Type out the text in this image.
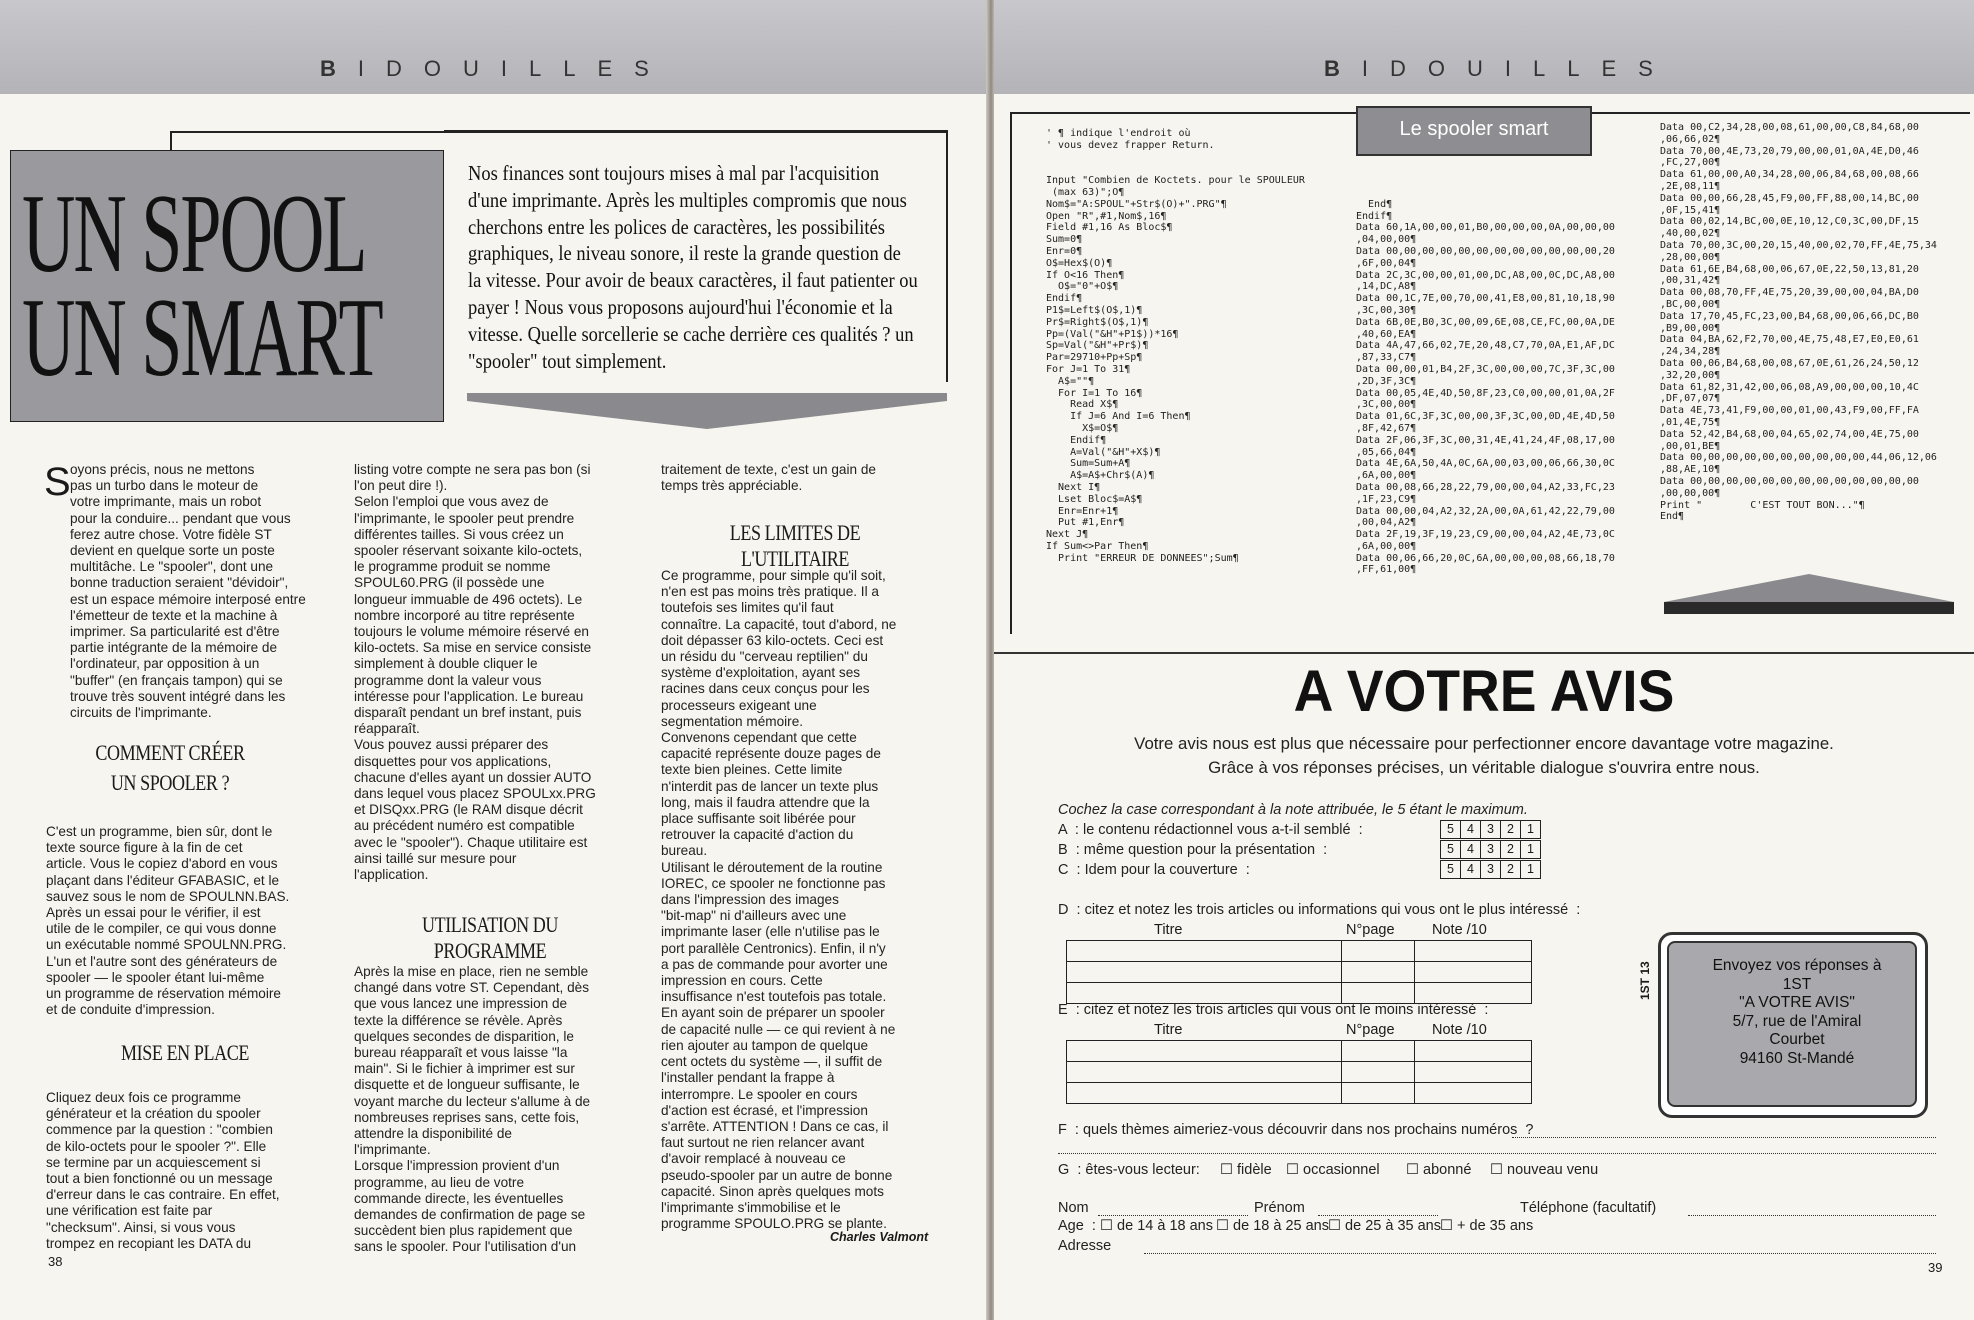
BIDOUILLES
UN SPOOL
UN SMART
Nos finances sont toujours mises à mal par l'acquisition
d'une imprimante. Après les multiples compromis que nous
cherchons entre les polices de caractères, les possibilités
graphiques, le niveau sonore, il reste la grande question de
la vitesse. Pour avoir de beaux caractères, il faut patienter ou
payer ! Nous vous proposons aujourd'hui l'économie et la
vitesse. Quelle sorcellerie se cache derrière ces qualités ? un
"spooler" tout simplement.
S oyons précis, nous ne mettons
pas un turbo dans le moteur de
votre imprimante, mais un robot
pour la conduire... pendant que vous
ferez autre chose. Votre fidèle ST
devient en quelque sorte un poste
multitâche. Le "spooler", dont une
bonne traduction seraient "dévidoir",
est un espace mémoire interposé entre
l'émetteur de texte et la machine à
imprimer. Sa particularité est d'être
partie intégrante de la mémoire de
l'ordinateur, par opposition à un
"buffer" (en français tampon) qui se
trouve très souvent intégré dans les
circuits de l'imprimante.
COMMENT CRÉER
UN SPOOLER ?
C'est un programme, bien sûr, dont le
texte source figure à la fin de cet
article. Vous le copiez d'abord en vous
plaçant dans l'éditeur GFABASIC, et le
sauvez sous le nom de SPOULNN.BAS.
Après un essai pour le vérifier, il est
utile de le compiler, ce qui vous donne
un exécutable nommé SPOULNN.PRG.
L'un et l'autre sont des générateurs de
spooler — le spooler étant lui-même
un programme de réservation mémoire
et de conduite d'impression.
MISE EN PLACE
Cliquez deux fois ce programme
générateur et la création du spooler
commence par la question : "combien
de kilo-octets pour le spooler ?". Elle
se termine par un acquiescement si
tout a bien fonctionné ou un message
d'erreur dans le cas contraire. En effet,
une vérification est faite par
"checksum". Ainsi, si vous vous
trompez en recopiant les DATA du
listing votre compte ne sera pas bon (si
l'on peut dire !).
Selon l'emploi que vous avez de
l'imprimante, le spooler peut prendre
différentes tailles. Si vous créez un
spooler réservant soixante kilo-octets,
le programme produit se nomme
SPOUL60.PRG (il possède une
longueur immuable de 496 octets). Le
nombre incorporé au titre représente
toujours le volume mémoire réservé en
kilo-octets. Sa mise en service consiste
simplement à double cliquer le
programme dont la valeur vous
intéresse pour l'application. Le bureau
disparaît pendant un bref instant, puis
réapparaît.
Vous pouvez aussi préparer des
disquettes pour vos applications,
chacune d'elles ayant un dossier AUTO
dans lequel vous placez SPOULxx.PRG
et DISQxx.PRG (le RAM disque décrit
au précédent numéro est compatible
avec le "spooler"). Chaque utilitaire est
ainsi taillé sur mesure pour
l'application.
UTILISATION DU PROGRAMME
Après la mise en place, rien ne semble
changé dans votre ST. Cependant, dès
que vous lancez une impression de
texte la différence se révèle. Après
quelques secondes de disparition, le
bureau réapparaît et vous laisse "la
main". Si le fichier à imprimer est sur
disquette et de longueur suffisante, le
voyant marche du lecteur s'allume à de
nombreuses reprises sans, cette fois,
attendre la disponibilité de
l'imprimante.
Lorsque l'impression provient d'un
programme, au lieu de votre
commande directe, les éventuelles
demandes de confirmation de page se
succèdent bien plus rapidement que
sans le spooler. Pour l'utilisation d'un
traitement de texte, c'est un gain de
temps très appréciable.
LES LIMITES DE L'UTILITAIRE
Ce programme, pour simple qu'il soit,
n'en est pas moins très pratique. Il a
toutefois ses limites qu'il faut
connaître. La capacité, tout d'abord, ne
doit dépasser 63 kilo-octets. Ceci est
un résidu du "cerveau reptilien" du
système d'exploitation, ayant ses
racines dans ceux conçus pour les
processeurs exigeant une
segmentation mémoire.
Convenons cependant que cette
capacité représente douze pages de
texte bien pleines. Cette limite
n'interdit pas de lancer un texte plus
long, mais il faudra attendre que la
place suffisante soit libérée pour
retrouver la capacité d'action du
bureau.
Utilisant le déroutement de la routine
IOREC, ce spooler ne fonctionne pas
dans l'impression des images
"bit-map" ni d'ailleurs avec une
imprimante laser (elle n'utilise pas le
port parallèle Centronics). Enfin, il n'y
a pas de commande pour avorter une
impression en cours. Cette
insuffisance n'est toutefois pas totale.
En ayant soin de préparer un spooler
de capacité nulle — ce qui revient à ne
rien ajouter au tampon de quelque
cent octets du système —, il suffit de
l'installer pendant la frappe à
interrompre. Le spooler en cours
d'action est écrasé, et l'impression
s'arrête. ATTENTION ! Dans ce cas, il
faut surtout ne rien relancer avant
d'avoir remplacé à nouveau ce
pseudo-spooler par un autre de bonne
capacité. Sinon après quelques mots
l'imprimante s'immobilise et le
programme SPOULO.PRG se plante.
Charles Valmont
38
BIDOUILLES
Le spooler smart
' ¶ indique l'endroit où
' vous devez frapper Return.

Input "Combien de Koctets. pour le SPOULEUR
(max 63)";O¶
Nom$="A:SPOUL"+Str$(O)+".PRG"¶
Open "R",#1,Nom$,16¶
Field #1,16 As Bloc$¶
Sum=0¶
Enr=0¶
O$=Hex$(O)¶
If O<16 Then¶
O$="0"+O$¶
Endif¶
P1$=Left$(O$,1)¶
Pr$=Right$(O$,1)¶
Pp=(Val("&H"+P1$))*16¶
Sp=Val("&H"+Pr$)¶
Par=29710+Pp+Sp¶
For J=1 To 31¶
A$=""¶
For I=1 To 16¶
Read X$¶
If J=6 And I=6 Then¶
X$=O$¶
Endif¶
A=Val("&H"+X$)¶
Sum=Sum+A¶
A$=A$+Chr$(A)¶
Next I¶
Lset Bloc$=A$¶
Enr=Enr+1¶
Put #1,Enr¶
Next J¶
If Sum<>Par Then¶
Print "ERREUR DE DONNEES";Sum¶

End¶
Endif¶
Data 60,1A,00,00,01,B0,00,00,00,0A,00,00,00
,04,00,00¶
Data 00,00,00,00,00,00,00,00,00,00,00,00,20
,6F,00,04¶
Data 2C,3C,00,00,01,00,DC,A8,00,0C,DC,A8,00
,14,DC,A8¶
Data 00,1C,7E,00,70,00,41,E8,00,81,10,18,90
,3C,00,30¶
Data 6B,0E,B0,3C,00,09,6E,08,CE,FC,00,0A,DE
,40,60,EA¶
Data 4A,47,66,02,7E,20,48,C7,70,0A,E1,AF,DC
,87,33,C7¶
Data 00,00,01,B4,2F,3C,00,00,00,7C,3F,3C,00
,2D,3F,3C¶
Data 00,05,4E,4D,50,8F,23,C0,00,00,01,0A,2F
,3C,00,00¶
Data 01,6C,3F,3C,00,00,3F,3C,00,0D,4E,4D,50
,8F,42,67¶
Data 2F,06,3F,3C,00,31,4E,41,24,4F,08,17,00
,05,66,04¶
Data 4E,6A,50,4A,0C,6A,00,03,00,06,66,30,0C
,6A,00,00¶
Data 00,08,66,28,22,79,00,00,04,A2,33,FC,23
,1F,23,C9¶
Data 00,00,04,A2,32,2A,00,0A,61,42,22,79,00
,00,04,A2¶
Data 2F,19,3F,19,23,C9,00,00,04,A2,4E,73,0C
,6A,00,00¶
Data 00,06,66,20,0C,6A,00,00,00,08,66,18,70
,FF,61,00¶
Data 00,C2,34,28,00,08,61,00,00,C8,84,68,00
,06,66,02¶
Data 70,00,4E,73,20,79,00,00,01,0A,4E,D0,46
,FC,27,00¶
Data 61,00,00,A0,34,28,00,06,84,68,00,08,66
,2E,08,11¶
Data 00,00,66,28,45,F9,00,FF,88,00,14,BC,00
,0F,15,41¶
Data 00,02,14,BC,00,0E,10,12,C0,3C,00,DF,15
,40,00,02¶
Data 70,00,3C,00,20,15,40,00,02,70,FF,4E,75,34
,28,00,00¶
Data 61,6E,B4,68,00,06,67,0E,22,50,13,81,20
,00,31,42¶
Data 00,08,70,FF,4E,75,20,39,00,00,04,BA,D0
,BC,00,00¶
Data 17,70,45,FC,23,00,B4,68,00,06,66,DC,B0
,B9,00,00¶
Data 04,BA,62,F2,70,00,4E,75,48,E7,E0,E0,61
,24,34,28¶
Data 00,06,B4,68,00,08,67,0E,61,26,24,50,12
,32,20,00¶
Data 61,82,31,42,00,06,08,A9,00,00,00,10,4C
,DF,07,07¶
Data 4E,73,41,F9,00,00,01,00,43,F9,00,FF,FA
,01,4E,75¶
Data 52,42,B4,68,00,04,65,02,74,00,4E,75,00
,00,01,BE¶
Data 00,00,00,00,00,00,00,00,00,00,44,06,12,06
,88,AE,10¶
Data 00,00,00,00,00,00,00,00,00,00,00,00,00
,00,00,00¶
Print "        C'EST TOUT BON..."¶
End¶
A VOTRE AVIS
Votre avis nous est plus que nécessaire pour perfectionner encore davantage votre magazine.
Grâce à vos réponses précises, un véritable dialogue s'ouvrira entre nous.
Cochez la case correspondant à la note attribuée, le 5 étant le maximum.
A  : le contenu rédactionnel vous a-t-il semblé  :	5	4	3	2	1
B  : même question pour la présentation  :	5	4	3	2	1
C  : Idem pour la couverture  :	5	4	3	2	1
D  : citez et notez les trois articles ou informations qui vous ont le plus intéressé  :
Titre	N°page	Note /10

E  : citez et notez les trois articles qui vous ont le moins intéressé  :
Titre	N°page	Note /10

Envoyez vos réponses à
1ST
"A VOTRE AVIS"
5/7, rue de l'Amiral
Courbet
94160 St-Mandé
1ST 13
F  : quels thèmes aimeriez-vous découvrir dans nos prochains numéros  ?
G  : êtes-vous lecteur: ☐ fidèle ☐ occasionnel ☐ abonné ☐ nouveau venu
Nom	Prénom	Téléphone (facultatif)
Age  : ☐ de 14 à 18 ans ☐ de 18 à 25 ans ☐ de 25 à 35 ans ☐ + de 35 ans
Adresse
39
